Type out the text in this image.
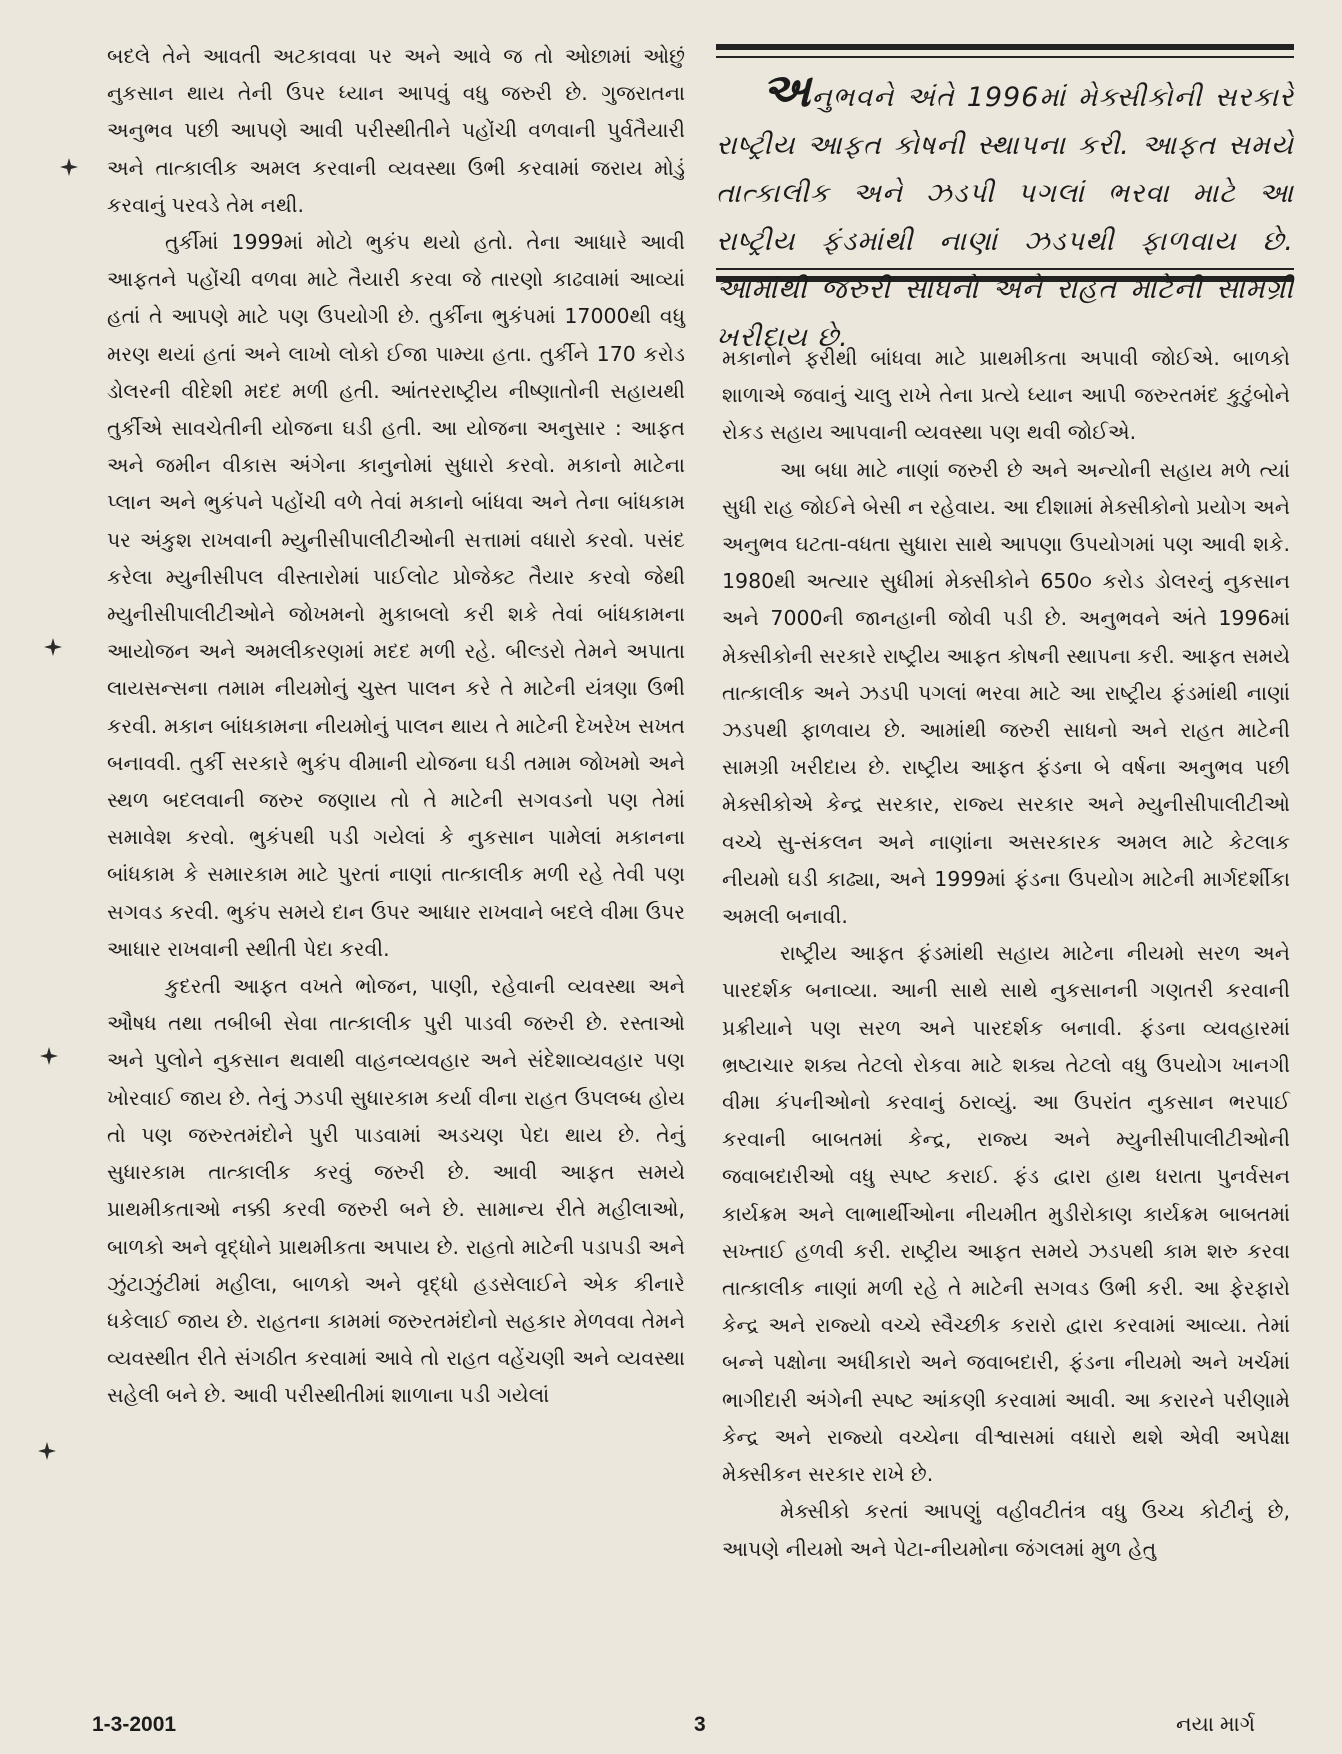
બદલે તેને આવતી અટકાવવા પર અને આવે જ તો ઓછામાં ઓછું નુકસાન થાય તેની ઉપર ધ્યાન આપવું વધુ જરુરી છે. ગુજરાતના અનુભવ પછી આપણે આવી પરીસ્થીતીને પહોંચી વળવાની પુર્વતૈયારી અને તાત્કાલીક અમલ કરવાની વ્યવસ્થા ઉભી કરવામાં જરાય મોડું કરવાનું પરવડે તેમ નથી.

તુર્કીમાં 1999માં મોટો ભુકંપ થયો હતો. તેના આધારે આવી આફતને પહોંચી વળવા માટે તૈયારી કરવા જે તારણો કાઢવામાં આવ્યાં હતાં તે આપણે માટે પણ ઉપયોગી છે. તુર્કીના ભુકંપમાં 17000થી વધુ મરણ થયાં હતાં અને લાખો લોકો ઈજા પામ્યા હતા. તુર્કીને 170 કરોડ ડોલરની વીદેશી મદદ મળી હતી. આંતરરાષ્ટ્રીય નીષ્ણાતોની સહાયથી તુર્કીએ સાવચેતીની યોજના ઘડી હતી. આ યોજના અનુસાર : આફત અને જમીન વીકાસ અંગેના કાનુનોમાં સુધારો કરવો. મકાનો માટેના પ્લાન અને ભુકંપને પહોંચી વળે તેવાં મકાનો બાંધવા અને તેના બાંધકામ પર અંકુશ રાખવાની મ્યુનીસીપાલીટીઓની સત્તામાં વધારો કરવો. પસંદ કરેલા મ્યુનીસીપલ વીસ્તારોમાં પાઈલોટ પ્રોજેક્ટ તૈયાર કરવો જેથી મ્યુનીસીપાલીટીઓને જોખમનો મુકાબલો કરી શકે તેવાં બાંધકામના આયોજન અને અમલીકરણમાં મદદ મળી રહે. બીલ્ડરો તેમને અપાતા લાયસન્સના તમામ નીયમોનું ચુસ્ત પાલન કરે તે માટેની યંત્રણા ઉભી કરવી. મકાન બાંધકામના નીયમોનું પાલન થાય તે માટેની દેખરેખ સખત બનાવવી. તુર્કી સરકારે ભુકંપ વીમાની યોજના ઘડી તમામ જોખમો અને સ્થળ બદલવાની જરુર જણાય તો તે માટેની સગવડનો પણ તેમાં સમાવેશ કરવો. ભુકંપથી પડી ગયેલાં કે નુકસાન પામેલાં મકાનના બાંધકામ કે સમારકામ માટે પુરતાં નાણાં તાત્કાલીક મળી રહે તેવી પણ સગવડ કરવી. ભુકંપ સમયે દાન ઉપર આધાર રાખવાને બદલે વીમા ઉપર આધાર રાખવાની સ્થીતી પેદા કરવી.

કુદરતી આફત વખતે ભોજન, પાણી, રહેવાની વ્યવસ્થા અને ઔષધ તથા તબીબી સેવા તાત્કાલીક પુરી પાડવી જરુરી છે. રસ્તાઓ અને પુલોને નુકસાન થવાથી વાહનવ્યવહાર અને સંદેશાવ્યવહાર પણ ખોરવાઈ જાય છે. તેનું ઝડપી સુધારકામ કર્યા વીના રાહત ઉપલબ્ધ હોય તો પણ જરુરતમંદોને પુરી પાડવામાં અડચણ પેદા થાય છે. તેનું સુધારકામ તાત્કાલીક કરવું જરુરી છે. આવી આફત સમયે પ્રાથમીકતાઓ નક્કી કરવી જરુરી બને છે. સામાન્ય રીતે મહીલાઓ, બાળકો અને વૃદ્ધોને પ્રાથમીકતા અપાય છે. રાહતો માટેની પડાપડી અને ઝુંટાઝુંટીમાં મહીલા, બાળકો અને વૃદ્ધો હડસેલાઈને એક કીનારે ધકેલાઈ જાય છે. રાહતના કામમાં જરુરતમંદોનો સહકાર મેળવવા તેમને વ્યવસ્થીત રીતે સંગઠીત કરવામાં આવે તો રાહત વહેંચણી અને વ્યવસ્થા સહેલી બને છે. આવી પરીસ્થીતીમાં શાળાના પડી ગયેલાં

અનુભવને અંતે 1996માં મેક્સીકોની સરકારે રાષ્ટ્રીય આફત કોષની સ્થાપના કરી. આફત સમયે તાત્કાલીક અને ઝડપી પગલાં ભરવા માટે આ રાષ્ટ્રીય ફંડમાંથી નાણાં ઝડપથી ફાળવાય છે. આમાંથી જરુરી સાધનો અને રાહત માટેની સામગ્રી ખરીદાય છે.

મકાનોને ફરીથી બાંધવા માટે પ્રાથમીકતા અપાવી જોઈએ. બાળકો શાળાએ જવાનું ચાલુ રાખે તેના પ્રત્યે ધ્યાન આપી જરુરતમંદ કુટુંબોને રોકડ સહાય આપવાની વ્યવસ્થા પણ થવી જોઈએ.

આ બધા માટે નાણાં જરુરી છે અને અન્યોની સહાય મળે ત્યાં સુધી રાહ જોઈને બેસી ન રહેવાય. આ દીશામાં મેક્સીકોનો પ્રયોગ અને અનુભવ ઘટતા-વધતા સુધારા સાથે આપણા ઉપયોગમાં પણ આવી શકે. 1980થી અત્યાર સુધીમાં મેક્સીકોને 650૦ કરોડ ડોલરનું નુકસાન અને 7000ની જાનહાની જોવી પડી છે. અનુભવને અંતે 1996માં મેક્સીકોની સરકારે રાષ્ટ્રીય આફત કોષની સ્થાપના કરી. આફત સમયે તાત્કાલીક અને ઝડપી પગલાં ભરવા માટે આ રાષ્ટ્રીય ફંડમાંથી નાણાં ઝડપથી ફાળવાય છે. આમાંથી જરુરી સાધનો અને રાહત માટેની સામગ્રી ખરીદાય છે. રાષ્ટ્રીય આફત ફંડના બે વર્ષના અનુભવ પછી મેક્સીકોએ કેન્દ્ર સરકાર, રાજ્ય સરકાર અને મ્યુનીસીપાલીટીઓ વચ્ચે સુ-સંકલન અને નાણાંના અસરકારક અમલ માટે કેટલાક નીયમો ઘડી કાઢ્યા, અને 1999માં ફંડના ઉપયોગ માટેની માર્ગદર્શીકા અમલી બનાવી.

રાષ્ટ્રીય આફત ફંડમાંથી સહાય માટેના નીયમો સરળ અને પારદર્શક બનાવ્યા. આની સાથે સાથે નુકસાનની ગણતરી કરવાની પ્રક્રીયાને પણ સરળ અને પારદર્શક બનાવી. ફંડના વ્યવહારમાં ભ્રષ્ટાચાર શક્ય તેટલો રોકવા માટે શક્ય તેટલો વધુ ઉપયોગ ખાનગી વીમા કંપનીઓનો કરવાનું ઠરાવ્યું. આ ઉપરાંત નુકસાન ભરપાઈ કરવાની બાબતમાં કેન્દ્ર, રાજ્ય અને મ્યુનીસીપાલીટીઓની જવાબદારીઓ વધુ સ્પષ્ટ કરાઈ. ફંડ દ્વારા હાથ ધરાતા પુનર્વસન કાર્યક્રમ અને લાભાર્થીઓના નીયમીત મુડીરોકાણ કાર્યક્રમ બાબતમાં સખ્તાઈ હળવી કરી. રાષ્ટ્રીય આફત સમયે ઝડપથી કામ શરુ કરવા તાત્કાલીક નાણાં મળી રહે તે માટેની સગવડ ઉભી કરી. આ ફેરફારો કેન્દ્ર અને રાજ્યો વચ્ચે સ્વૈચ્છીક કરારો દ્વારા કરવામાં આવ્યા. તેમાં બન્ને પક્ષોના અધીકારો અને જવાબદારી, ફંડના નીયમો અને ખર્ચમાં ભાગીદારી અંગેની સ્પષ્ટ આંકણી કરવામાં આવી. આ કરારને પરીણામે કેન્દ્ર અને રાજ્યો વચ્ચેના વીશ્વાસમાં વધારો થશે એવી અપેક્ષા મેક્સીકન સરકાર રાખે છે.

મેક્સીકો કરતાં આપણું વહીવટીતંત્ર વધુ ઉચ્ચ કોટીનું છે, આપણે નીયમો અને પેટા-નીયમોના જંગલમાં મુળ હેતુ

1-3-2001	3	નયા માર્ગ
